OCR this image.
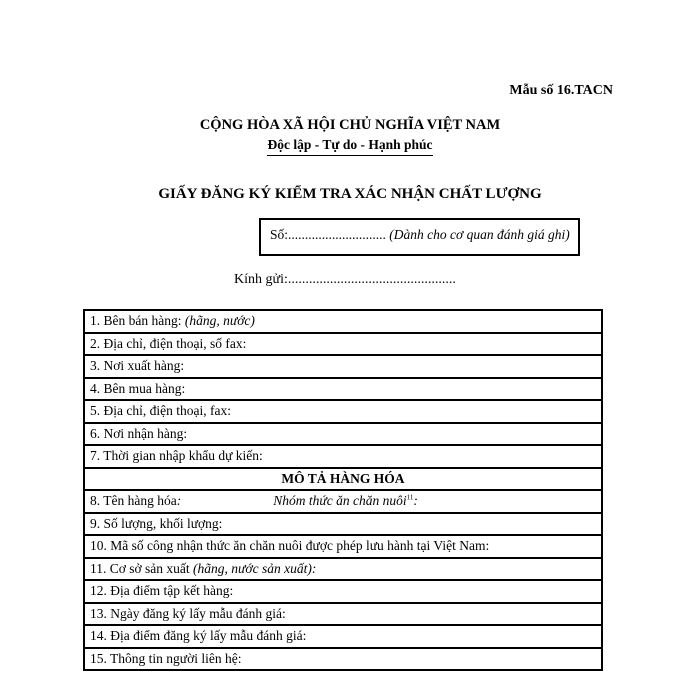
Mẫu số 16.TACN
CỘNG HÒA XÃ HỘI CHỦ NGHĨA VIỆT NAM
Độc lập - Tự do - Hạnh phúc
GIẤY ĐĂNG KÝ KIỂM TRA XÁC NHẬN CHẤT LƯỢNG
Số:............................. (Dành cho cơ quan đánh giá ghi)
Kính gửi:................................................
1. Bên bán hàng: (hãng, nước)
2. Địa chỉ, điện thoại, số fax:
3. Nơi xuất hàng:
4. Bên mua hàng:
5. Địa chỉ, điện thoại, fax:
6. Nơi nhận hàng:
7. Thời gian nhập khẩu dự kiến:
MÔ TẢ HÀNG HÓA
8. Tên hàng hóa:	Nhóm thức ăn chăn nuôi$^{11}$:
9. Số lượng, khối lượng:
10. Mã số công nhận thức ăn chăn nuôi được phép lưu hành tại Việt Nam:
11. Cơ sở sản xuất (hãng, nước sản xuất):
12. Địa điểm tập kết hàng:
13. Ngày đăng ký lấy mẫu đánh giá:
14. Địa điểm đăng ký lấy mẫu đánh giá:
15. Thông tin người liên hệ:
